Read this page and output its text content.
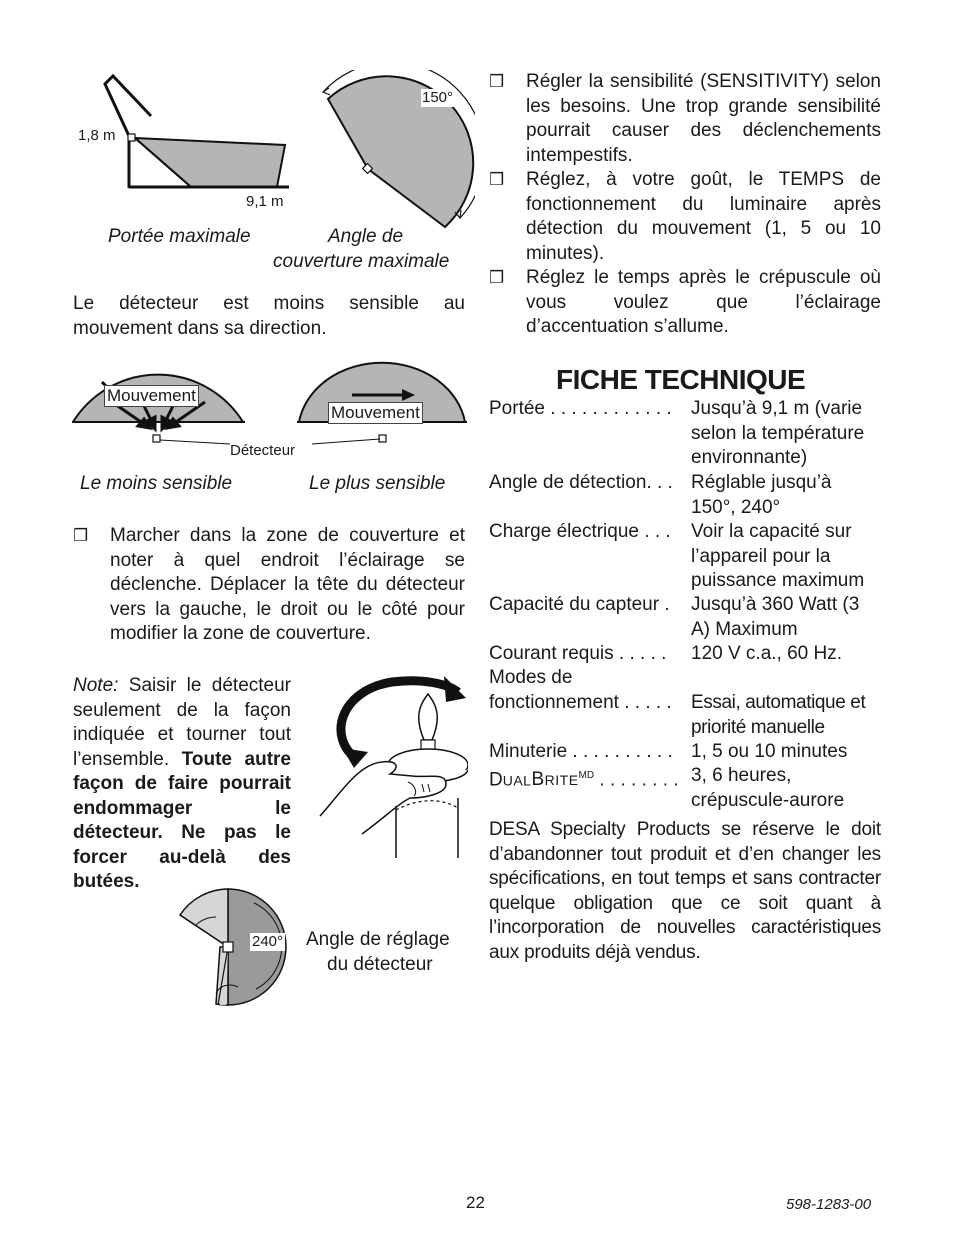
1,8 m
9,1 m
Portée maximale
150°
Angle de
couverture maximale
Le détecteur est moins sensible au mouvement dans sa direction.
Mouvement
Mouvement
Détecteur
Le moins sensible	Le plus sensible
❒ Marcher dans la zone de couverture et noter à quel endroit l’éclairage se déclenche. Déplacer la tête du détecteur vers la gauche, le droit ou le côté pour modifier la zone de couverture.
Note: Saisir le détecteur seulement de la façon indiquée et tourner tout l’ensemble. Toute autre façon de faire pourrait endommager le détecteur. Ne pas le forcer au-delà des butées.
240° Angle de réglage
du détecteur
❒ Régler la sensibilité (SENSITIVITY) selon les besoins. Une trop grande sensibilité pourrait causer des déclenchements intempestifs.
❒ Réglez, à votre goût, le TEMPS de fonctionnement du luminaire après détection du mouvement (1, 5 ou 10 minutes).
❒ Réglez le temps après le crépuscule où vous voulez que l’éclairage d’accentuation s’allume.
FICHE TECHNIQUE
Portée . . . . . . . . . . . . Jusqu’à 9,1 m (varie selon la température environnante)
Angle de détection. . . Réglable jusqu’à 150°, 240°
Charge électrique . . . Voir la capacité sur l’appareil pour la puissance maximum
Capacité du capteur . Jusqu’à 360 Watt (3 A) Maximum
Courant requis . . . . . 120 V c.a., 60 Hz.
Modes de
fonctionnement . . . . . Essai, automatique et priorité manuelle
Minuterie . . . . . . . . . . 1, 5 ou 10 minutes
$DUALBRITE^{MD}$ . . . . . . . . 3, 6 heures, crépuscule-aurore
DESA Specialty Products se réserve le doit d’abandonner tout produit et d’en changer les spécifications, en tout temps et sans contracter quelque obligation que ce soit quant à l’incorporation de nouvelles caractéristiques aux produits déjà vendus.
22	598-1283-00
